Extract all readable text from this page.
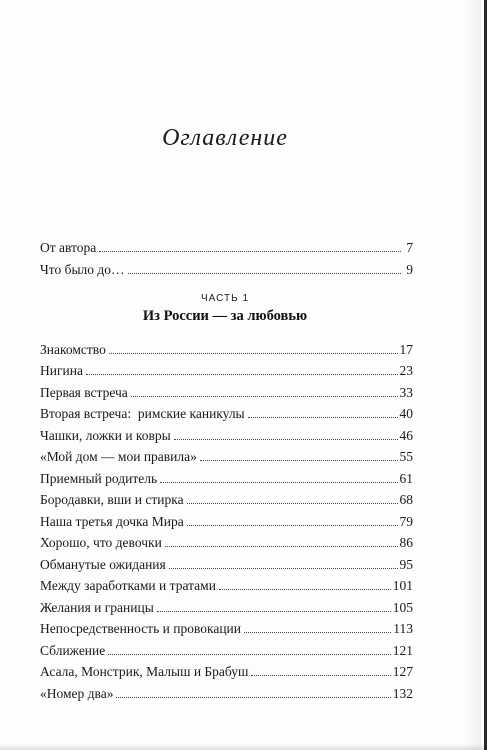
Оглавление
От автора	7
Что было до…	9
ЧАСТЬ 1
Из России — за любовью
Знакомство	17
Нигина	23
Первая встреча	33
Вторая встреча:  римские каникулы	40
Чашки, ложки и ковры	46
«Мой дом — мои правила»	55
Приемный родитель	61
Бородавки, вши и стирка	68
Наша третья дочка Мира	79
Хорошо, что девочки	86
Обманутые ожидания	95
Между заработками и тратами	101
Желания и границы	105
Непосредственность и провокации	113
Сближение	121
Асала, Монстрик, Малыш и Брабуш	127
«Номер два»	132
